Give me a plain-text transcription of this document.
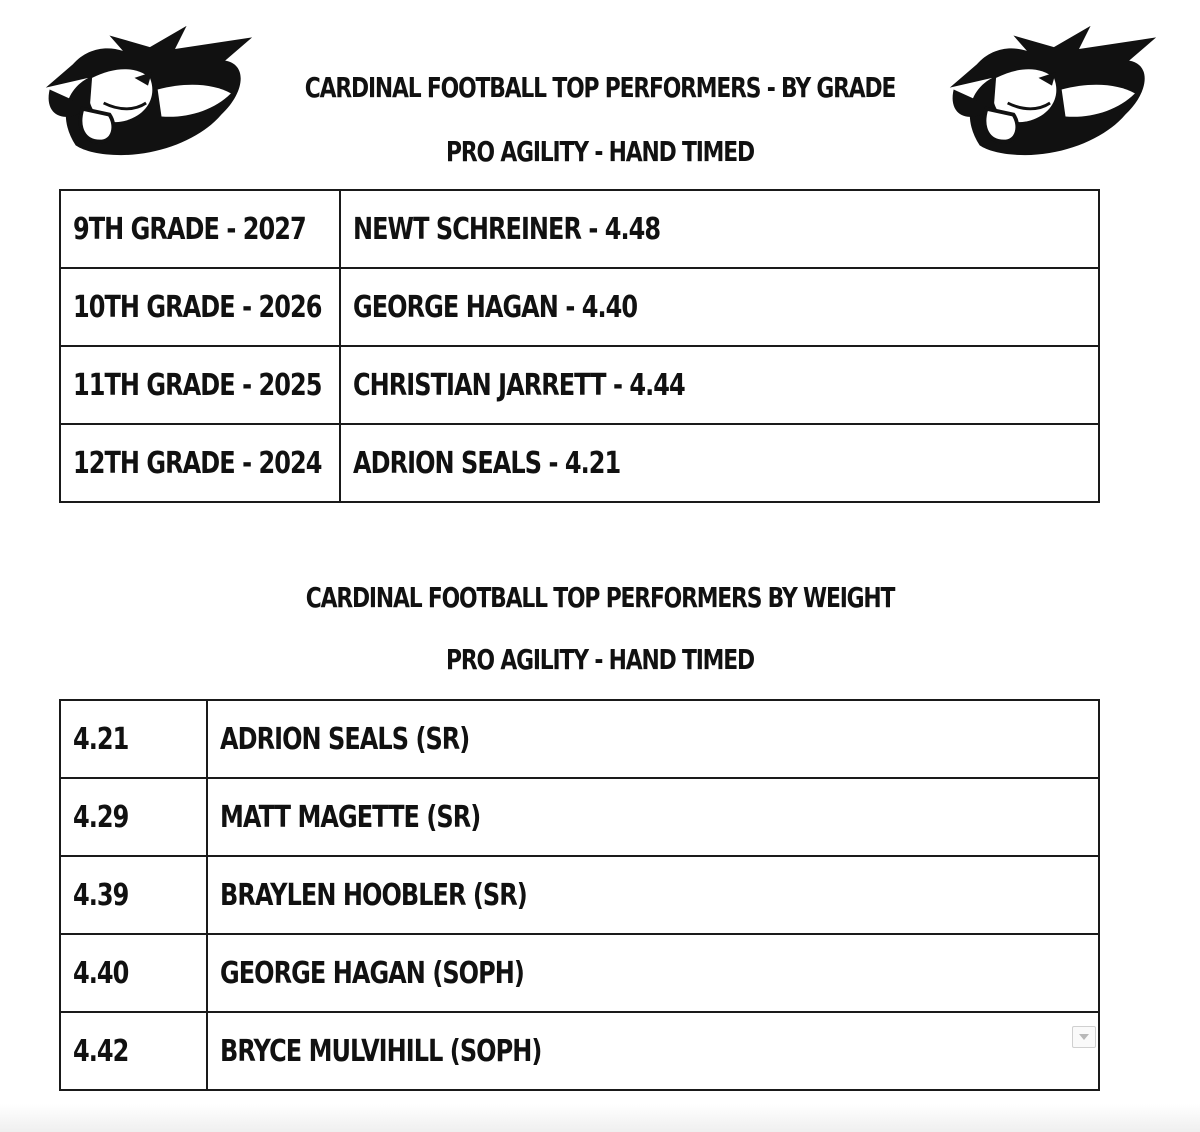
CARDINAL FOOTBALL TOP PERFORMERS - BY GRADE
PRO AGILITY - HAND TIMED
9TH GRADE - 2027	NEWT SCHREINER - 4.48
10TH GRADE - 2026	GEORGE HAGAN - 4.40
11TH GRADE - 2025	CHRISTIAN JARRETT - 4.44
12TH GRADE - 2024	ADRION SEALS - 4.21
CARDINAL FOOTBALL TOP PERFORMERS BY WEIGHT
PRO AGILITY - HAND TIMED
4.21	ADRION SEALS (SR)
4.29	MATT MAGETTE (SR)
4.39	BRAYLEN HOOBLER (SR)
4.40	GEORGE HAGAN (SOPH)
4.42	BRYCE MULVIHILL (SOPH)
